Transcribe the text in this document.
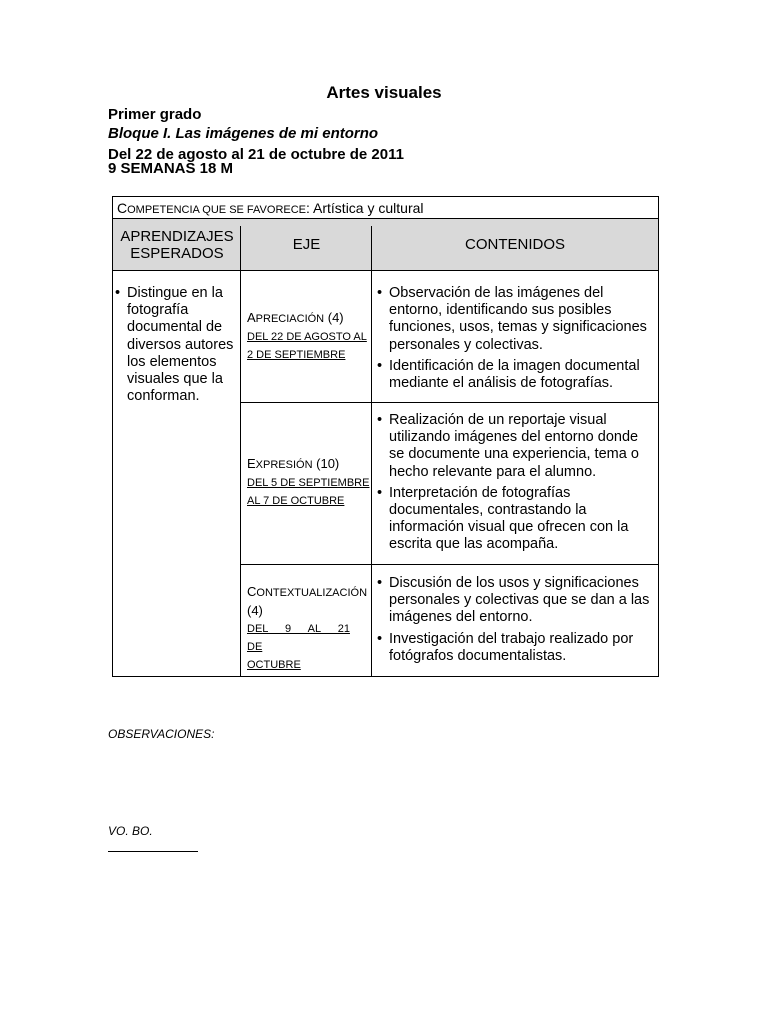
Artes visuales
Primer grado
Bloque I. Las imágenes de mi entorno
Del 22 de agosto al 21 de octubre de 2011
9 SEMANAS 18 M
COMPETENCIA QUE SE FAVORECE: Artística y cultural
APRENDIZAJES
ESPERADOS	EJE	CONTENIDOS
• Distingue en la fotografía documental de diversos autores los elementos visuales que la conforman.
APRECIACIÓN (4)
DEL 22 DE AGOSTO AL
2 DE SEPTIEMBRE
• Observación de las imágenes del entorno, identificando sus posibles funciones, usos, temas y significaciones personales y colectivas.
• Identificación de la imagen documental mediante el análisis de fotografías.
EXPRESIÓN (10)
DEL 5 DE SEPTIEMBRE
AL 7 DE OCTUBRE
• Realización de un reportaje visual utilizando imágenes del entorno donde se documente una experiencia, tema o hecho relevante para el alumno.
• Interpretación de fotografías documentales, contrastando la información visual que ofrecen con la escrita que las acompaña.
CONTEXTUALIZACIÓN
(4)
DEL 9 AL 21 DE
OCTUBRE
• Discusión de los usos y significaciones personales y colectivas que se dan a las imágenes del entorno.
• Investigación del trabajo realizado por fotógrafos documentalistas.
OBSERVACIONES:
VO. BO.
